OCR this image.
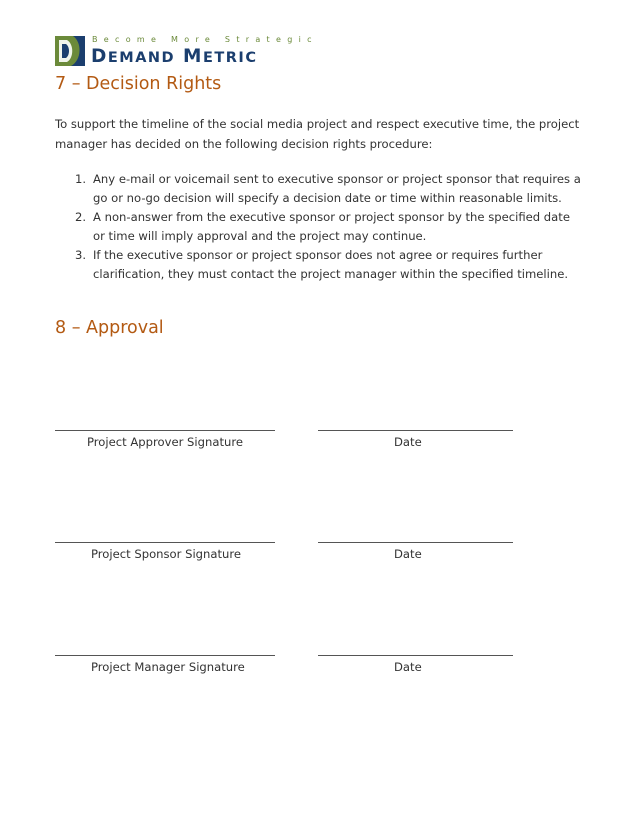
Become More Strategic
DEMAND METRIC
7 – Decision Rights

To support the timeline of the social media project and respect executive time, the project manager has decided on the following decision rights procedure:

1. Any e-mail or voicemail sent to executive sponsor or project sponsor that requires a go or no-go decision will specify a decision date or time within reasonable limits.
2. A non-answer from the executive sponsor or project sponsor by the specified date or time will imply approval and the project may continue.
3. If the executive sponsor or project sponsor does not agree or requires further clarification, they must contact the project manager within the specified timeline.
8 – Approval
Project Approver Signature	Date
Project Sponsor Signature	Date
Project Manager Signature	Date
